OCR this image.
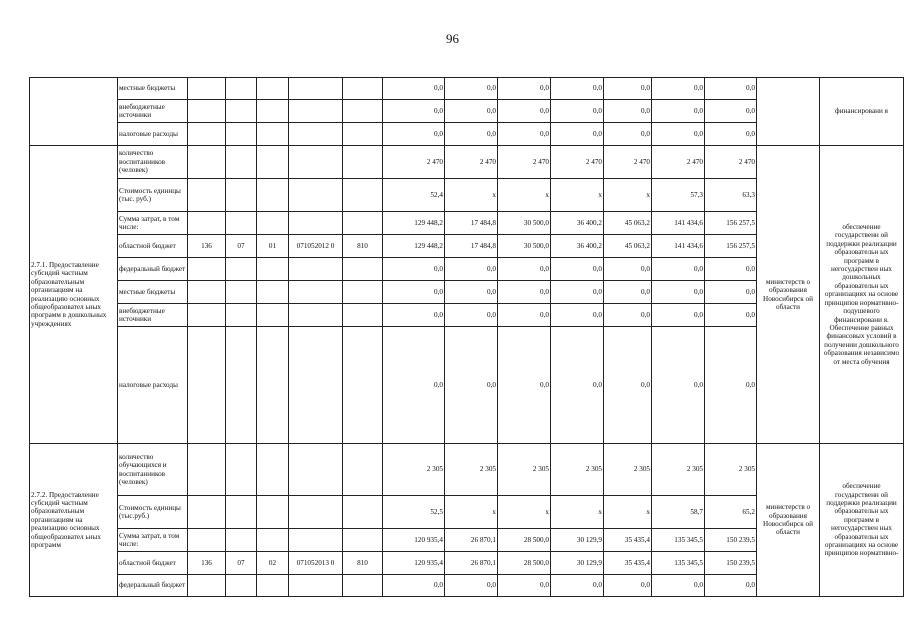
96
	местные бюджеты						0,0	0,0	0,0	0,0	0,0	0,0	0,0		финансировани я
	внебюджетные источники						0,0	0,0	0,0	0,0	0,0	0,0	0,0		
	налоговые расходы						0,0	0,0	0,0	0,0	0,0	0,0	0,0		
2.7.1. Предоставление субсидий частным образовательным организациям на реализацию основных общеобразовател ьных программ в дошкольных учреждениях	количество воспитанников (человек)						2 470	2 470	2 470	2 470	2 470	2 470	2 470	министерств о образования Новосибирск ой области	обеспечение государственн ой поддержки реализации образовательн ых программ в негосударствен ных дошкольных образовательн ых организациях на основе принципов нормативно- подушевого финансировани я. Обеспечение равных финансовых условий в получении дошкольного образования независимо от места обучения
	Стоимость единицы (тыс. руб.)						52,4	х	х	х	х	57,3	63,3		
	Сумма затрат, в том числе:						129 448,2	17 484,8	30 500,0	36 400,2	45 063,2	141 434,6	156 257,5		
	областной бюджет	136	07	01	071052012 0	810	129 448,2	17 484,8	30 500,0	36 400,2	45 063,2	141 434,6	156 257,5		
	федеральный бюджет						0,0	0,0	0,0	0,0	0,0	0,0	0,0		
	местные бюджеты						0,0	0,0	0,0	0,0	0,0	0,0	0,0		
	внебюджетные источники						0,0	0,0	0,0	0,0	0,0	0,0	0,0		
	налоговые расходы						0,0	0,0	0,0	0,0	0,0	0,0	0,0		
2.7.2. Предоставление субсидий частным образовательным организациям на реализацию основных общеобразовател ьных программ	количество обучающихся и воспитанников (человек)						2 305	2 305	2 305	2 305	2 305	2 305	2 305	министерств о образования Новосибирск ой области	обеспечение государственн ой поддержки реализации образовательн ых программ в негосударствен ных образовательн ых организациях на основе принципов нормативно-
	Стоимость единицы (тыс.руб.)						52,5	х	х	х	х	58,7	65,2		
	Сумма затрат, в том числе:						120 935,4	26 870,1	28 500,0	30 129,9	35 435,4	135 345,5	150 239,5		
	областной бюджет	136	07	02	071052013 0	810	120 935,4	26 870,1	28 500,0	30 129,9	35 435,4	135 345,5	150 239,5		
	федеральный бюджет						0,0	0,0	0,0	0,0	0,0	0,0	0,0		
